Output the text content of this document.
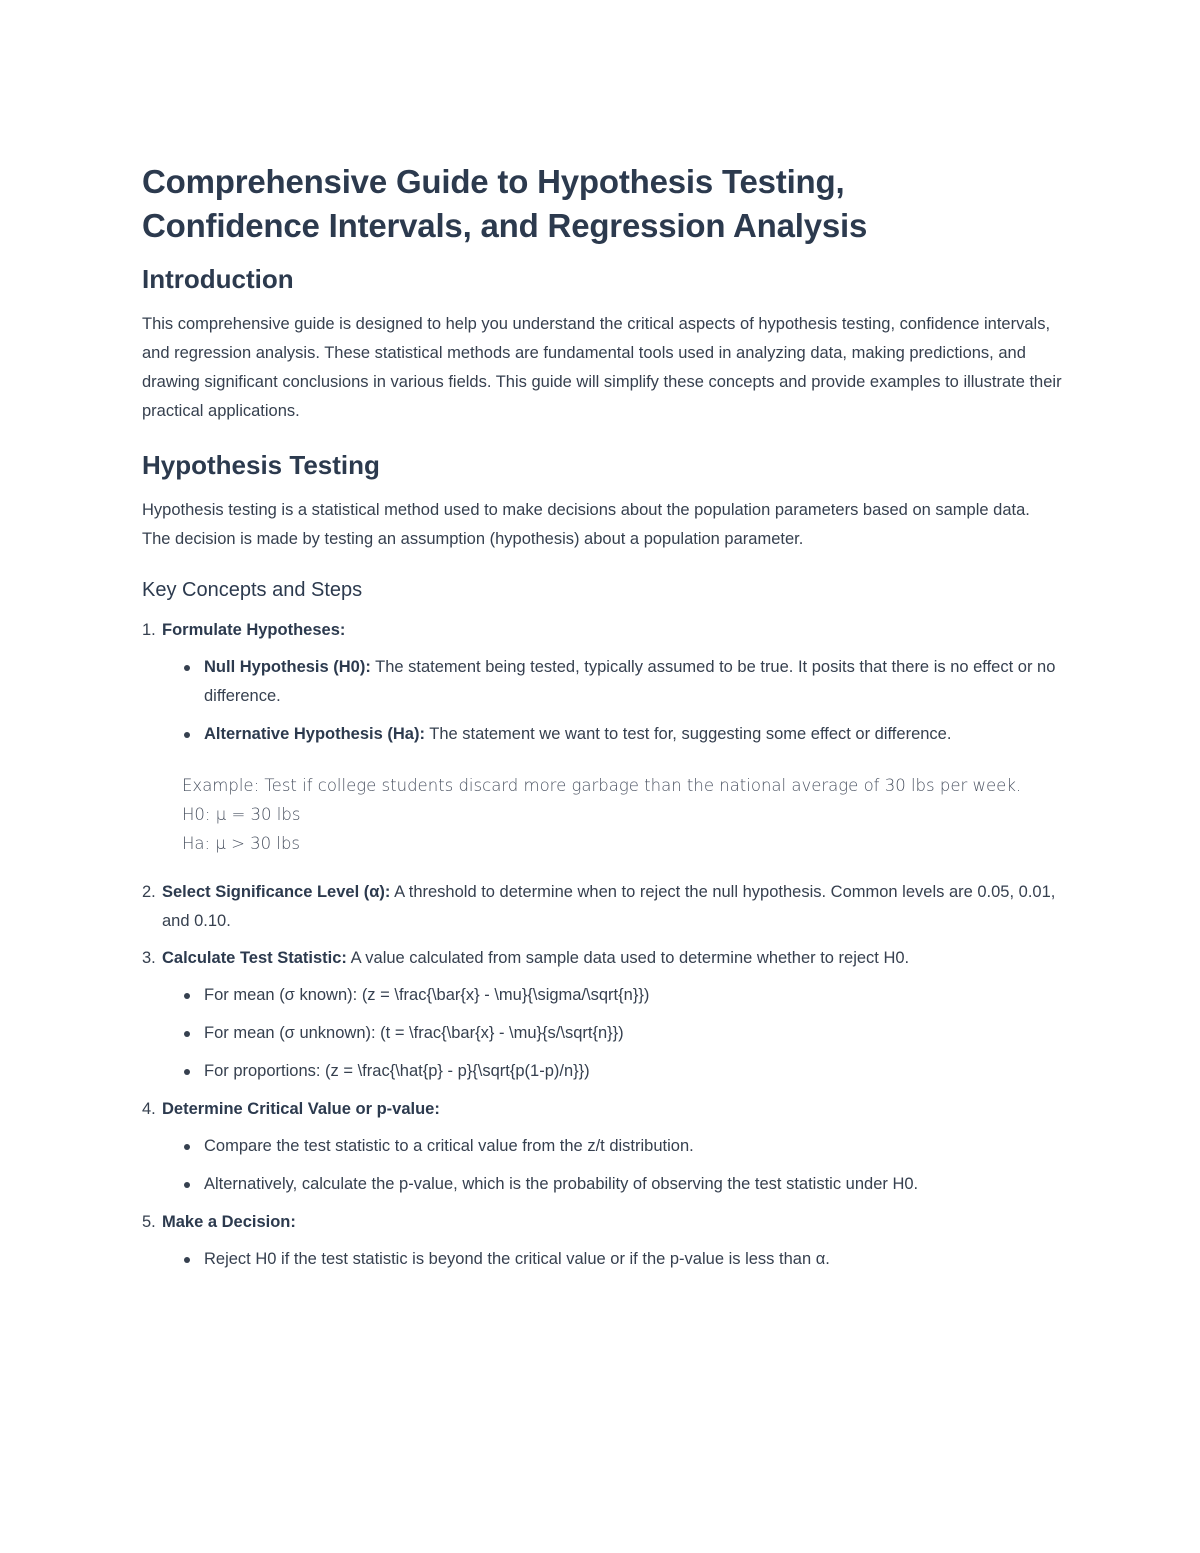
Comprehensive Guide to Hypothesis Testing,
Confidence Intervals, and Regression Analysis
Introduction

This comprehensive guide is designed to help you understand the critical aspects of hypothesis testing, confidence intervals, and regression analysis. These statistical methods are fundamental tools used in analyzing data, making predictions, and drawing significant conclusions in various fields. This guide will simplify these concepts and provide examples to illustrate their practical applications.

Hypothesis Testing

Hypothesis testing is a statistical method used to make decisions about the population parameters based on sample data. The decision is made by testing an assumption (hypothesis) about a population parameter.

Key Concepts and Steps
1. Formulate Hypotheses:
Null Hypothesis (H0): The statement being tested, typically assumed to be true. It posits that there is no effect or no difference.
Alternative Hypothesis (Ha): The statement we want to test for, suggesting some effect or difference.
Example: Test if college students discard more garbage than the national average of 30 lbs per week.
H0: μ = 30 lbs
Ha: μ > 30 lbs
2. Select Significance Level (α): A threshold to determine when to reject the null hypothesis. Common levels are 0.05, 0.01, and 0.10.
3. Calculate Test Statistic: A value calculated from sample data used to determine whether to reject H0.
For mean (σ known): (z = \frac{\bar{x} - \mu}{\sigma/\sqrt{n}})
For mean (σ unknown): (t = \frac{\bar{x} - \mu}{s/\sqrt{n}})
For proportions: (z = \frac{\hat{p} - p}{\sqrt{p(1-p)/n}})
4. Determine Critical Value or p-value:
Compare the test statistic to a critical value from the z/t distribution.
Alternatively, calculate the p-value, which is the probability of observing the test statistic under H0.
5. Make a Decision:
Reject H0 if the test statistic is beyond the critical value or if the p-value is less than α.
